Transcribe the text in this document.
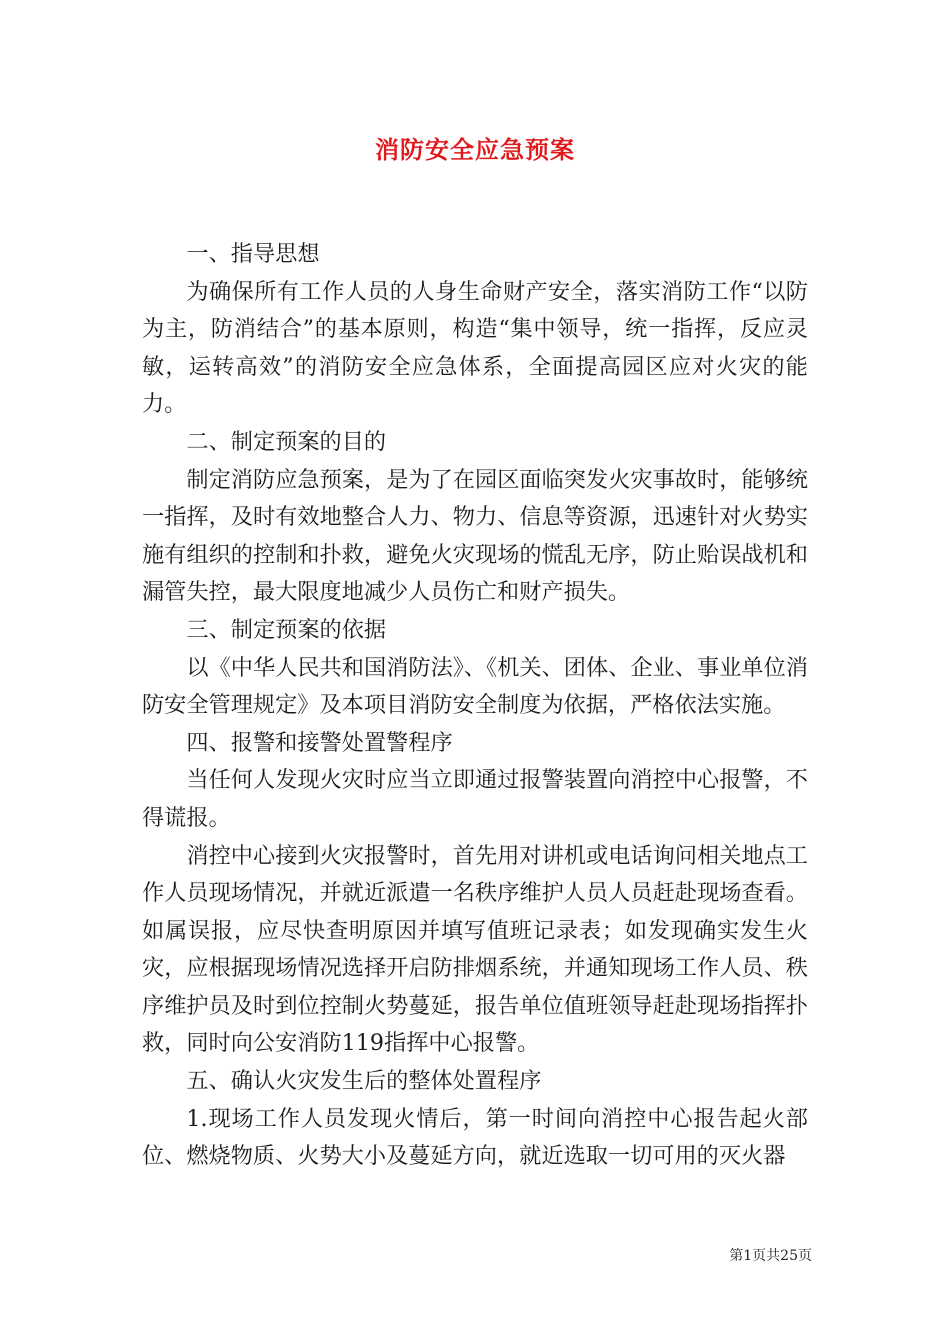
消防安全应急预案

一、指导思想

为确保所有工作人员的人身生命财产安全，落实消防工作“以防为主，防消结合”的基本原则，构造“集中领导，统一指挥，反应灵敏，运转高效”的消防安全应急体系，全面提高园区应对火灾的能力。

二、制定预案的目的

制定消防应急预案，是为了在园区面临突发火灾事故时，能够统一指挥，及时有效地整合人力、物力、信息等资源，迅速针对火势实施有组织的控制和扑救，避免火灾现场的慌乱无序，防止贻误战机和漏管失控，最大限度地减少人员伤亡和财产损失。

三、制定预案的依据

以《中华人民共和国消防法》、《机关、团体、企业、事业单位消防安全管理规定》及本项目消防安全制度为依据，严格依法实施。

四、报警和接警处置警程序

当任何人发现火灾时应当立即通过报警装置向消控中心报警，不得谎报。

消控中心接到火灾报警时，首先用对讲机或电话询问相关地点工作人员现场情况，并就近派遣一名秩序维护人员人员赶赴现场查看。如属误报，应尽快查明原因并填写值班记录表；如发现确实发生火灾，应根据现场情况选择开启防排烟系统，并通知现场工作人员、秩序维护员及时到位控制火势蔓延，报告单位值班领导赶赴现场指挥扑救，同时向公安消防119指挥中心报警。

五、确认火灾发生后的整体处置程序

1.现场工作人员发现火情后，第一时间向消控中心报告起火部位、燃烧物质、火势大小及蔓延方向，就近选取一切可用的灭火器

第1页共25页
